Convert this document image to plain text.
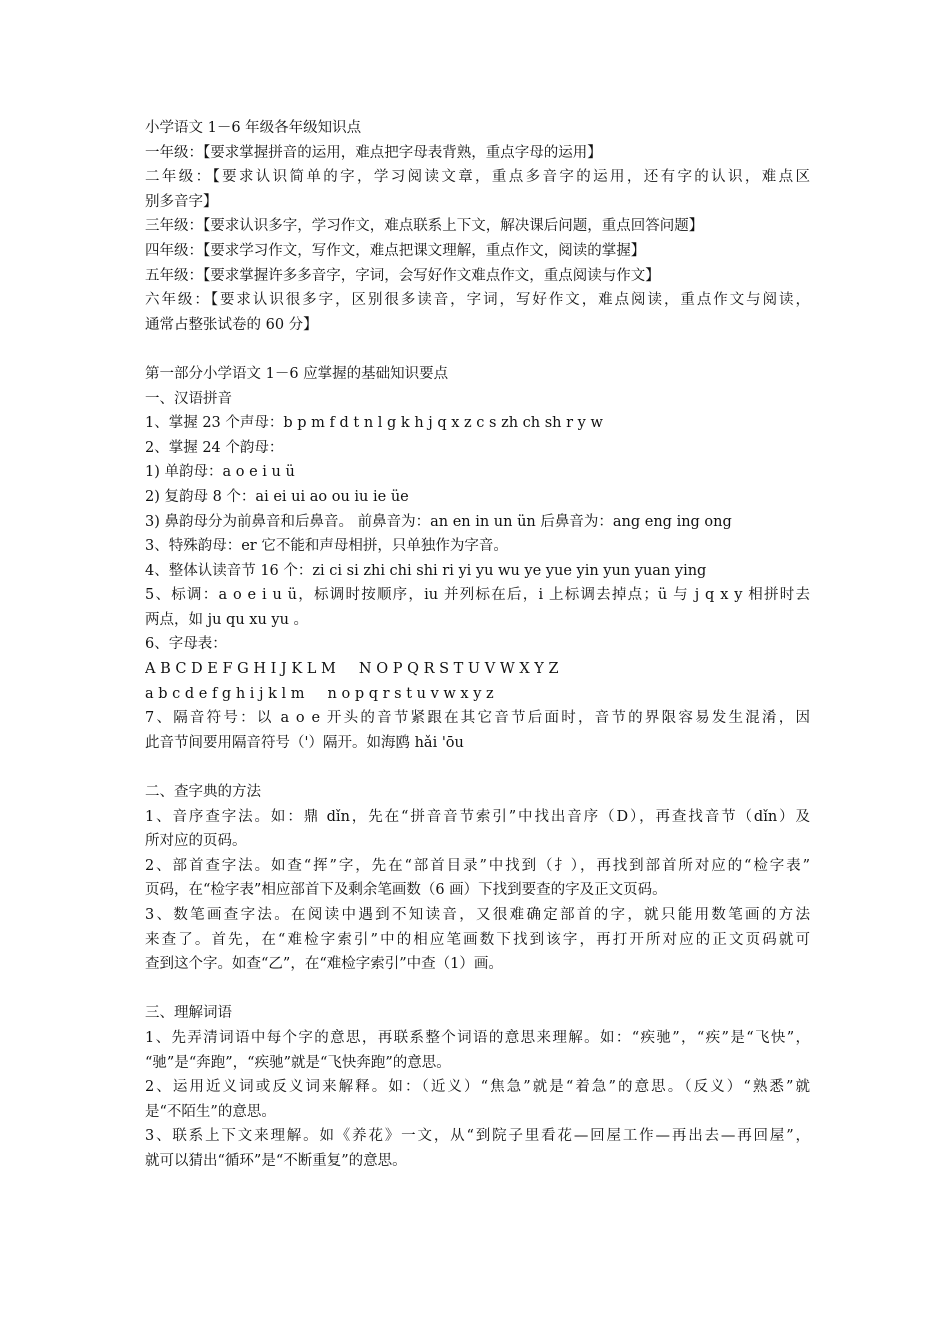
小学语文 1－6 年级各年级知识点
一年级：【要求掌握拼音的运用，难点把字母表背熟，重点字母的运用】
二年级：【要求认识简单的字，学习阅读文章，重点多音字的运用，还有字的认识，难点区
别多音字】
三年级：【要求认识多字，学习作文，难点联系上下文，解决课后问题，重点回答问题】
四年级：【要求学习作文，写作文，难点把课文理解，重点作文，阅读的掌握】
五年级：【要求掌握许多多音字，字词，会写好作文难点作文，重点阅读与作文】
六年级：【要求认识很多字，区别很多读音，字词，写好作文，难点阅读，重点作文与阅读，
通常占整张试卷的 60 分】
第一部分小学语文 1－6 应掌握的基础知识要点
一、汉语拼音
1、掌握 23 个声母：b p m f d t n l g k h j q x z c s zh ch sh r y w
2、掌握 24 个韵母：
1) 单韵母：a o e i u ü
2) 复韵母 8 个：ai ei ui ao ou iu ie üe
3) 鼻韵母分为前鼻音和后鼻音。 前鼻音为：an en in un ün 后鼻音为：ang eng ing ong
3、特殊韵母：er 它不能和声母相拼，只单独作为字音。
4、整体认读音节 16 个：zi ci si zhi chi shi ri yi yu wu ye yue yin yun yuan ying
5、标调：a o e i u ü，标调时按顺序，iu 并列标在后，i 上标调去掉点；ü 与 j q x y 相拼时去
两点，如 ju qu xu yu 。
6、字母表：
A B C D E F G H I J K L M     N O P Q R S T U V W X Y Z
a b c d e f g h i j k l m     n o p q r s t u v w x y z
7、隔音符号：以 a o e 开头的音节紧跟在其它音节后面时，音节的界限容易发生混淆，因
此音节间要用隔音符号（'）隔开。如海鸥 hǎi 'ōu
二、查字典的方法
1、音序查字法。如：鼎 dǐn，先在“拼音音节索引”中找出音序（D），再查找音节（dǐn）及
所对应的页码。
2、部首查字法。如查“挥”字，先在“部首目录”中找到（扌），再找到部首所对应的“检字表”
页码，在“检字表”相应部首下及剩余笔画数（6 画）下找到要查的字及正文页码。
3、数笔画查字法。在阅读中遇到不知读音，又很难确定部首的字，就只能用数笔画的方法
来查了。首先，在“难检字索引”中的相应笔画数下找到该字，再打开所对应的正文页码就可
查到这个字。如查“乙”，在“难检字索引”中查（1）画。
三、理解词语
1、先弄清词语中每个字的意思，再联系整个词语的意思来理解。如：“疾驰”，“疾”是“飞快”，
“驰”是“奔跑”，“疾驰”就是“飞快奔跑”的意思。
2、运用近义词或反义词来解释。如：（近义）“焦急”就是“着急”的意思。（反义）“熟悉”就
是“不陌生”的意思。
3、联系上下文来理解。如《养花》一文，从“到院子里看花—回屋工作—再出去—再回屋”，
就可以猜出“循环”是“不断重复”的意思。
